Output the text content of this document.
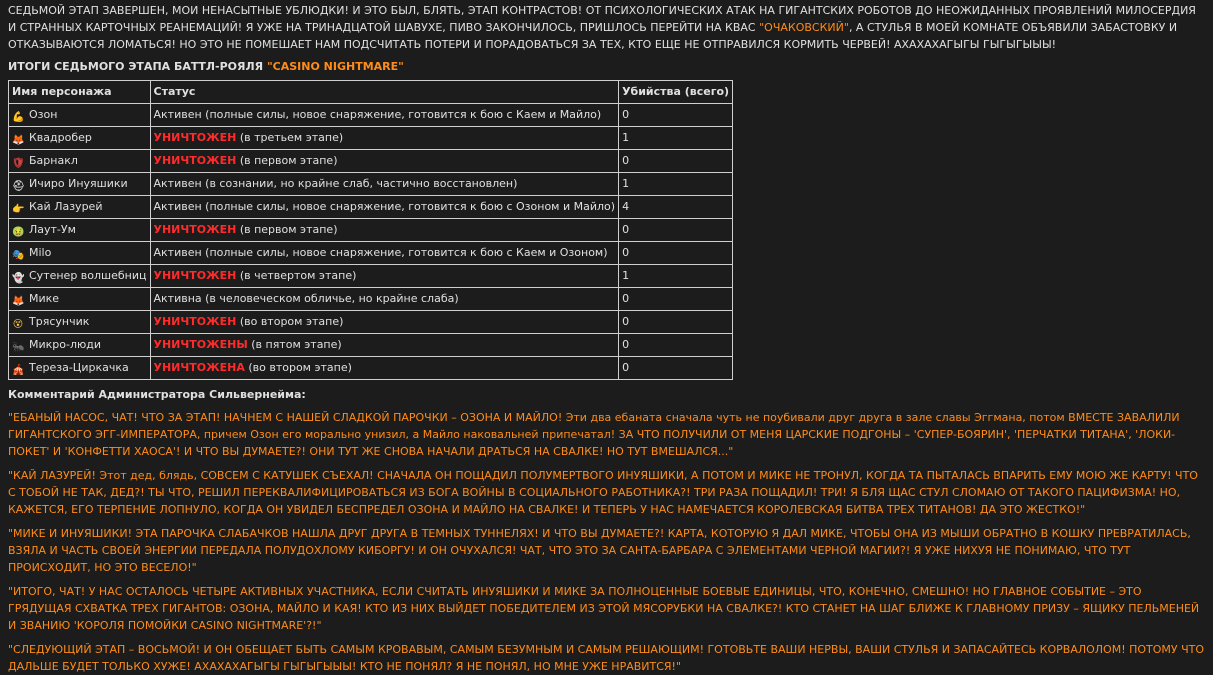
СЕДЬМОЙ ЭТАП ЗАВЕРШЕН, МОИ НЕНАСЫТНЫЕ УБЛЮДКИ! И ЭТО БЫЛ, БЛЯТЬ, ЭТАП КОНТРАСТОВ! ОТ ПСИХОЛОГИЧЕСКИХ АТАК НА ГИГАНТСКИХ РОБОТОВ ДО НЕОЖИДАННЫХ ПРОЯВЛЕНИЙ МИЛОСЕРДИЯ И СТРАННЫХ КАРТОЧНЫХ РЕАНЕМАЦИЙ! Я УЖЕ НА ТРИНАДЦАТОЙ ШАВУХЕ, ПИВО ЗАКОНЧИЛОСЬ, ПРИШЛОСЬ ПЕРЕЙТИ НА КВАС "ОЧАКОВСКИЙ", А СТУЛЬЯ В МОЕЙ КОМНАТЕ ОБЪЯВИЛИ ЗАБАСТОВКУ И ОТКАЗЫВАЮТСЯ ЛОМАТЬСЯ! НО ЭТО НЕ ПОМЕШАЕТ НАМ ПОДСЧИТАТЬ ПОТЕРИ И ПОРАДОВАТЬСЯ ЗА ТЕХ, КТО ЕЩЕ НЕ ОТПРАВИЛСЯ КОРМИТЬ ЧЕРВЕЙ! АХАХАХАГЫГЫ ГЫГЫГЫЫЫ!

ИТОГИ СЕДЬМОГО ЭТАПА БАТТЛ-РОЯЛЯ "CASINO NIGHTMARE"
Имя персонажа	Статус	Убийства (всего)
💪 Озон	Активен (полные силы, новое снаряжение, готовится к бою с Каем и Майло)	0
🦊 Квадробер	УНИЧТОЖЕН (в третьем этапе)	1
🛡 Барнакл	УНИЧТОЖЕН (в первом этапе)	0
⛑ Ичиро Инуяшики	Активен (в сознании, но крайне слаб, частично восстановлен)	1
👉 Кай Лазурей	Активен (полные силы, новое снаряжение, готовится к бою с Озоном и Майло)	4
🤢 Лаут-Ум	УНИЧТОЖЕН (в первом этапе)	0
🎭 Milo	Активен (полные силы, новое снаряжение, готовится к бою с Каем и Озоном)	0
👻 Сутенер волшебниц	УНИЧТОЖЕН (в четвертом этапе)	1
🦊 Мике	Активна (в человеческом обличье, но крайне слаба)	0
😵 Трясунчик	УНИЧТОЖЕН (во втором этапе)	0
🐜 Микро-люди	УНИЧТОЖЕНЫ (в пятом этапе)	0
🎪 Тереза-Циркачка	УНИЧТОЖЕНА (во втором этапе)	0

Комментарий Администратора Сильвернейма:

"ЕБАНЫЙ НАСОС, ЧАТ! ЧТО ЗА ЭТАП! НАЧНЕМ С НАШЕЙ СЛАДКОЙ ПАРОЧКИ – ОЗОНА И МАЙЛО! Эти два ебаната сначала чуть не поубивали друг друга в зале славы Эггмана, потом ВМЕСТЕ ЗАВАЛИЛИ ГИГАНТСКОГО ЭГГ-ИМПЕРАТОРА, причем Озон его морально унизил, а Майло наковальней припечатал! ЗА ЧТО ПОЛУЧИЛИ ОТ МЕНЯ ЦАРСКИЕ ПОДГОНЫ – 'СУПЕР-БОЯРИН', 'ПЕРЧАТКИ ТИТАНА', 'ЛОКИ-ПОКЕТ' И 'КОНФЕТТИ ХАОСА'! И ЧТО ВЫ ДУМАЕТЕ?! ОНИ ТУТ ЖЕ СНОВА НАЧАЛИ ДРАТЬСЯ НА СВАЛКЕ! НО ТУТ ВМЕШАЛСЯ..."

"КАЙ ЛАЗУРЕЙ! Этот дед, блядь, СОВСЕМ С КАТУШЕК СЪЕХАЛ! СНАЧАЛА ОН ПОЩАДИЛ ПОЛУМЕРТВОГО ИНУЯШИКИ, А ПОТОМ И МИКЕ НЕ ТРОНУЛ, КОГДА ТА ПЫТАЛАСЬ ВПАРИТЬ ЕМУ МОЮ ЖЕ КАРТУ! ЧТО С ТОБОЙ НЕ ТАК, ДЕД?! ТЫ ЧТО, РЕШИЛ ПЕРЕКВАЛИФИЦИРОВАТЬСЯ ИЗ БОГА ВОЙНЫ В СОЦИАЛЬНОГО РАБОТНИКА?! ТРИ РАЗА ПОЩАДИЛ! ТРИ! Я БЛЯ ЩАС СТУЛ СЛОМАЮ ОТ ТАКОГО ПАЦИФИЗМА! НО, КАЖЕТСЯ, ЕГО ТЕРПЕНИЕ ЛОПНУЛО, КОГДА ОН УВИДЕЛ БЕСПРЕДЕЛ ОЗОНА И МАЙЛО НА СВАЛКЕ! И ТЕПЕРЬ У НАС НАМЕЧАЕТСЯ КОРОЛЕВСКАЯ БИТВА ТРЕХ ТИТАНОВ! ДА ЭТО ЖЕСТКО!"

"МИКЕ И ИНУЯШИКИ! ЭТА ПАРОЧКА СЛАБАЧКОВ НАШЛА ДРУГ ДРУГА В ТЕМНЫХ ТУННЕЛЯХ! И ЧТО ВЫ ДУМАЕТЕ?! КАРТА, КОТОРУЮ Я ДАЛ МИКЕ, ЧТОБЫ ОНА ИЗ МЫШИ ОБРАТНО В КОШКУ ПРЕВРАТИЛАСЬ, ВЗЯЛА И ЧАСТЬ СВОЕЙ ЭНЕРГИИ ПЕРЕДАЛА ПОЛУДОХЛОМУ КИБОРГУ! И ОН ОЧУХАЛСЯ! ЧАТ, ЧТО ЭТО ЗА САНТА-БАРБАРА С ЭЛЕМЕНТАМИ ЧЕРНОЙ МАГИИ?! Я УЖЕ НИХУЯ НЕ ПОНИМАЮ, ЧТО ТУТ ПРОИСХОДИТ, НО ЭТО ВЕСЕЛО!"

"ИТОГО, ЧАТ! У НАС ОСТАЛОСЬ ЧЕТЫРЕ АКТИВНЫХ УЧАСТНИКА, ЕСЛИ СЧИТАТЬ ИНУЯШИКИ И МИКЕ ЗА ПОЛНОЦЕННЫЕ БОЕВЫЕ ЕДИНИЦЫ, ЧТО, КОНЕЧНО, СМЕШНО! НО ГЛАВНОЕ СОБЫТИЕ – ЭТО ГРЯДУЩАЯ СХВАТКА ТРЕХ ГИГАНТОВ: ОЗОНА, МАЙЛО И КАЯ! КТО ИЗ НИХ ВЫЙДЕТ ПОБЕДИТЕЛЕМ ИЗ ЭТОЙ МЯСОРУБКИ НА СВАЛКЕ?! КТО СТАНЕТ НА ШАГ БЛИЖЕ К ГЛАВНОМУ ПРИЗУ – ЯЩИКУ ПЕЛЬМЕНЕЙ И ЗВАНИЮ 'КОРОЛЯ ПОМОЙКИ CASINO NIGHTMARE'?!"

"СЛЕДУЮЩИЙ ЭТАП – ВОСЬМОЙ! И ОН ОБЕЩАЕТ БЫТЬ САМЫМ КРОВАВЫМ, САМЫМ БЕЗУМНЫМ И САМЫМ РЕШАЮЩИМ! ГОТОВЬТЕ ВАШИ НЕРВЫ, ВАШИ СТУЛЬЯ И ЗАПАСАЙТЕСЬ КОРВАЛОЛОМ! ПОТОМУ ЧТО ДАЛЬШЕ БУДЕТ ТОЛЬКО ХУЖЕ! АХАХАХАГЫГЫ ГЫГЫГЫЫЫ! КТО НЕ ПОНЯЛ? Я НЕ ПОНЯЛ, НО МНЕ УЖЕ НРАВИТСЯ!"
